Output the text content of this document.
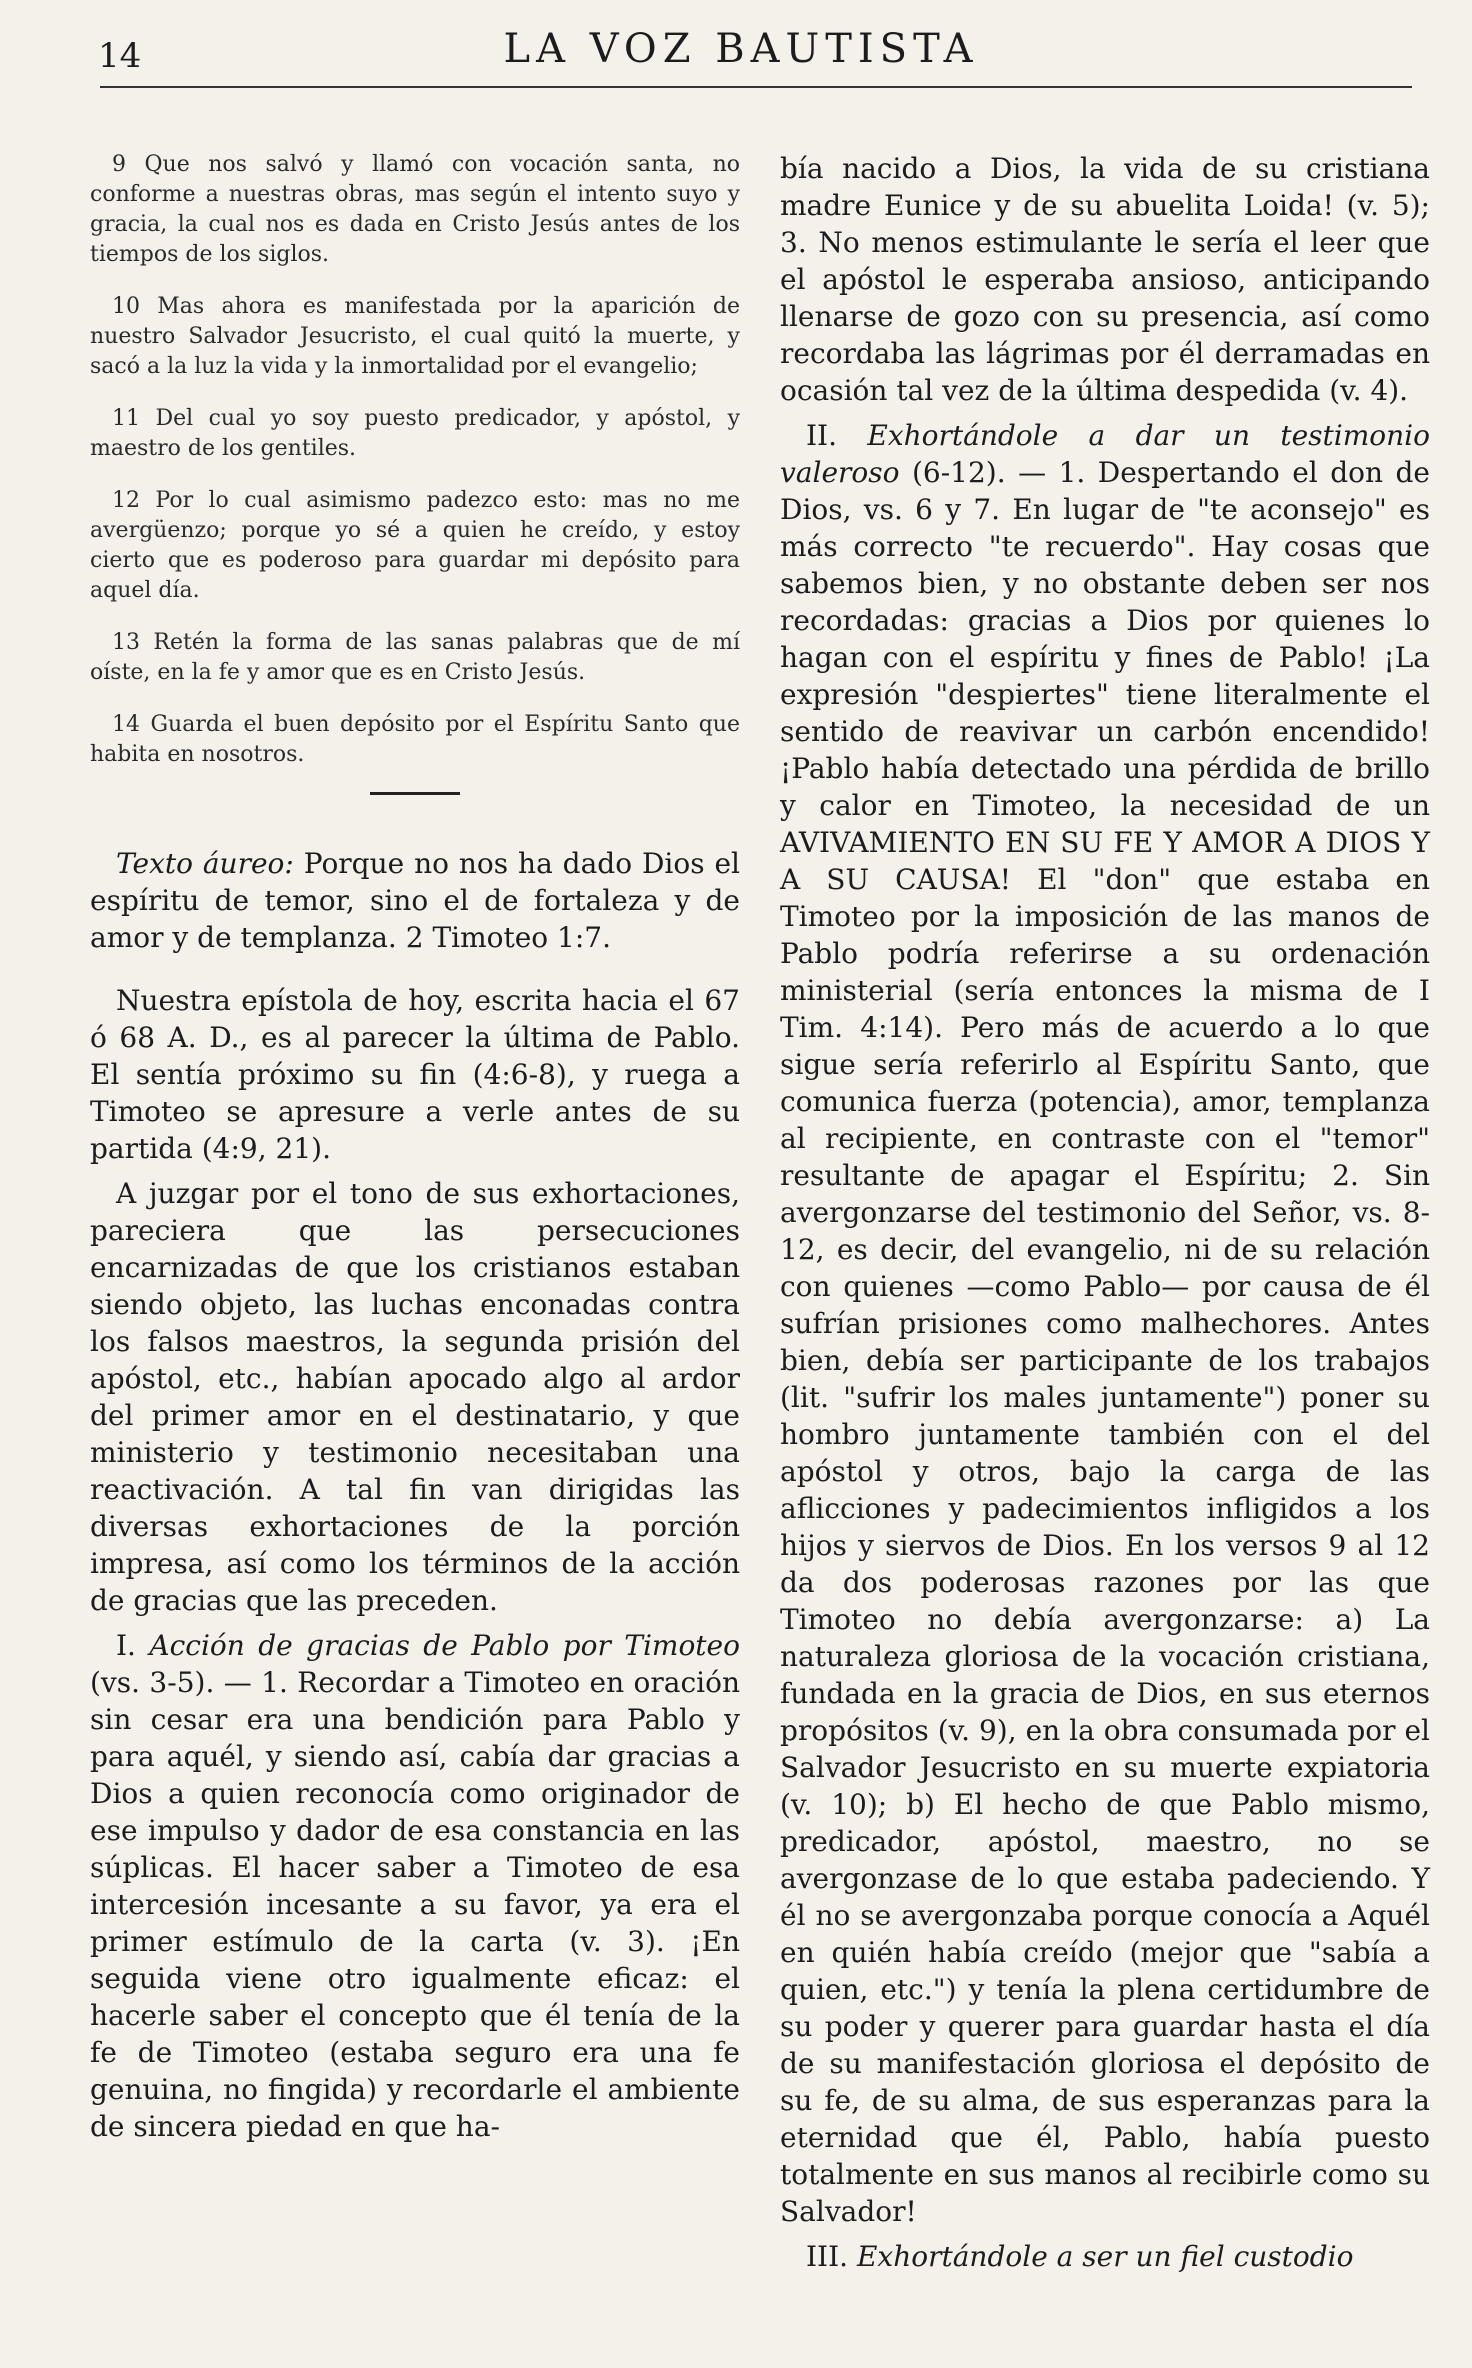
14	LA VOZ BAUTISTA

9 Que nos salvó y llamó con vocación santa, no conforme a nuestras obras, mas según el intento suyo y gracia, la cual nos es dada en Cristo Jesús antes de los tiempos de los siglos.

10 Mas ahora es manifestada por la aparición de nuestro Salvador Jesucristo, el cual quitó la muerte, y sacó a la luz la vida y la inmortalidad por el evangelio;

11 Del cual yo soy puesto predicador, y apóstol, y maestro de los gentiles.

12 Por lo cual asimismo padezco esto: mas no me avergüenzo; porque yo sé a quien he creído, y estoy cierto que es poderoso para guardar mi depósito para aquel día.

13 Retén la forma de las sanas palabras que de mí oíste, en la fe y amor que es en Cristo Jesús.

14 Guarda el buen depósito por el Espíritu Santo que habita en nosotros.

Texto áureo: Porque no nos ha dado Dios el espíritu de temor, sino el de fortaleza y de amor y de templanza. 2 Timoteo 1:7.

Nuestra epístola de hoy, escrita hacia el 67 ó 68 A. D., es al parecer la última de Pablo. El sentía próximo su fin (4:6-8), y ruega a Timoteo se apresure a verle antes de su partida (4:9, 21).

A juzgar por el tono de sus exhortaciones, pareciera que las persecuciones encarnizadas de que los cristianos estaban siendo objeto, las luchas enconadas contra los falsos maestros, la segunda prisión del apóstol, etc., habían apocado algo al ardor del primer amor en el destinatario, y que ministerio y testimonio necesitaban una reactivación. A tal fin van dirigidas las diversas exhortaciones de la porción impresa, así como los términos de la acción de gracias que las preceden.

I. Acción de gracias de Pablo por Timoteo (vs. 3-5). — 1. Recordar a Timoteo en oración sin cesar era una bendición para Pablo y para aquél, y siendo así, cabía dar gracias a Dios a quien reconocía como originador de ese impulso y dador de esa constancia en las súplicas. El hacer saber a Timoteo de esa intercesión incesante a su favor, ya era el primer estímulo de la carta (v. 3). ¡En seguida viene otro igualmente eficaz: el hacerle saber el concepto que él tenía de la fe de Timoteo (estaba seguro era una fe genuina, no fingida) y recordarle el ambiente de sincera piedad en que ha-

bía nacido a Dios, la vida de su cristiana madre Eunice y de su abuelita Loida! (v. 5); 3. No menos estimulante le sería el leer que el apóstol le esperaba ansioso, anticipando llenarse de gozo con su presencia, así como recordaba las lágrimas por él derramadas en ocasión tal vez de la última despedida (v. 4).

II. Exhortándole a dar un testimonio valeroso (6-12). — 1. Despertando el don de Dios, vs. 6 y 7. En lugar de "te aconsejo" es más correcto "te recuerdo". Hay cosas que sabemos bien, y no obstante deben ser nos recordadas: gracias a Dios por quienes lo hagan con el espíritu y fines de Pablo! ¡La expresión "despiertes" tiene literalmente el sentido de reavivar un carbón encendido! ¡Pablo había detectado una pérdida de brillo y calor en Timoteo, la necesidad de un AVIVAMIENTO EN SU FE Y AMOR A DIOS Y A SU CAUSA! El "don" que estaba en Timoteo por la imposición de las manos de Pablo podría referirse a su ordenación ministerial (sería entonces la misma de I Tim. 4:14). Pero más de acuerdo a lo que sigue sería referirlo al Espíritu Santo, que comunica fuerza (potencia), amor, templanza al recipiente, en contraste con el "temor" resultante de apagar el Espíritu; 2. Sin avergonzarse del testimonio del Señor, vs. 8-12, es decir, del evangelio, ni de su relación con quienes —como Pablo— por causa de él sufrían prisiones como malhechores. Antes bien, debía ser participante de los trabajos (lit. "sufrir los males juntamente") poner su hombro juntamente también con el del apóstol y otros, bajo la carga de las aflicciones y padecimientos infligidos a los hijos y siervos de Dios. En los versos 9 al 12 da dos poderosas razones por las que Timoteo no debía avergonzarse: a) La naturaleza gloriosa de la vocación cristiana, fundada en la gracia de Dios, en sus eternos propósitos (v. 9), en la obra consumada por el Salvador Jesucristo en su muerte expiatoria (v. 10); b) El hecho de que Pablo mismo, predicador, apóstol, maestro, no se avergonzase de lo que estaba padeciendo. Y él no se avergonzaba porque conocía a Aquél en quién había creído (mejor que "sabía a quien, etc.") y tenía la plena certidumbre de su poder y querer para guardar hasta el día de su manifestación gloriosa el depósito de su fe, de su alma, de sus esperanzas para la eternidad que él, Pablo, había puesto totalmente en sus manos al recibirle como su Salvador!

III. Exhortándole a ser un fiel custodio
